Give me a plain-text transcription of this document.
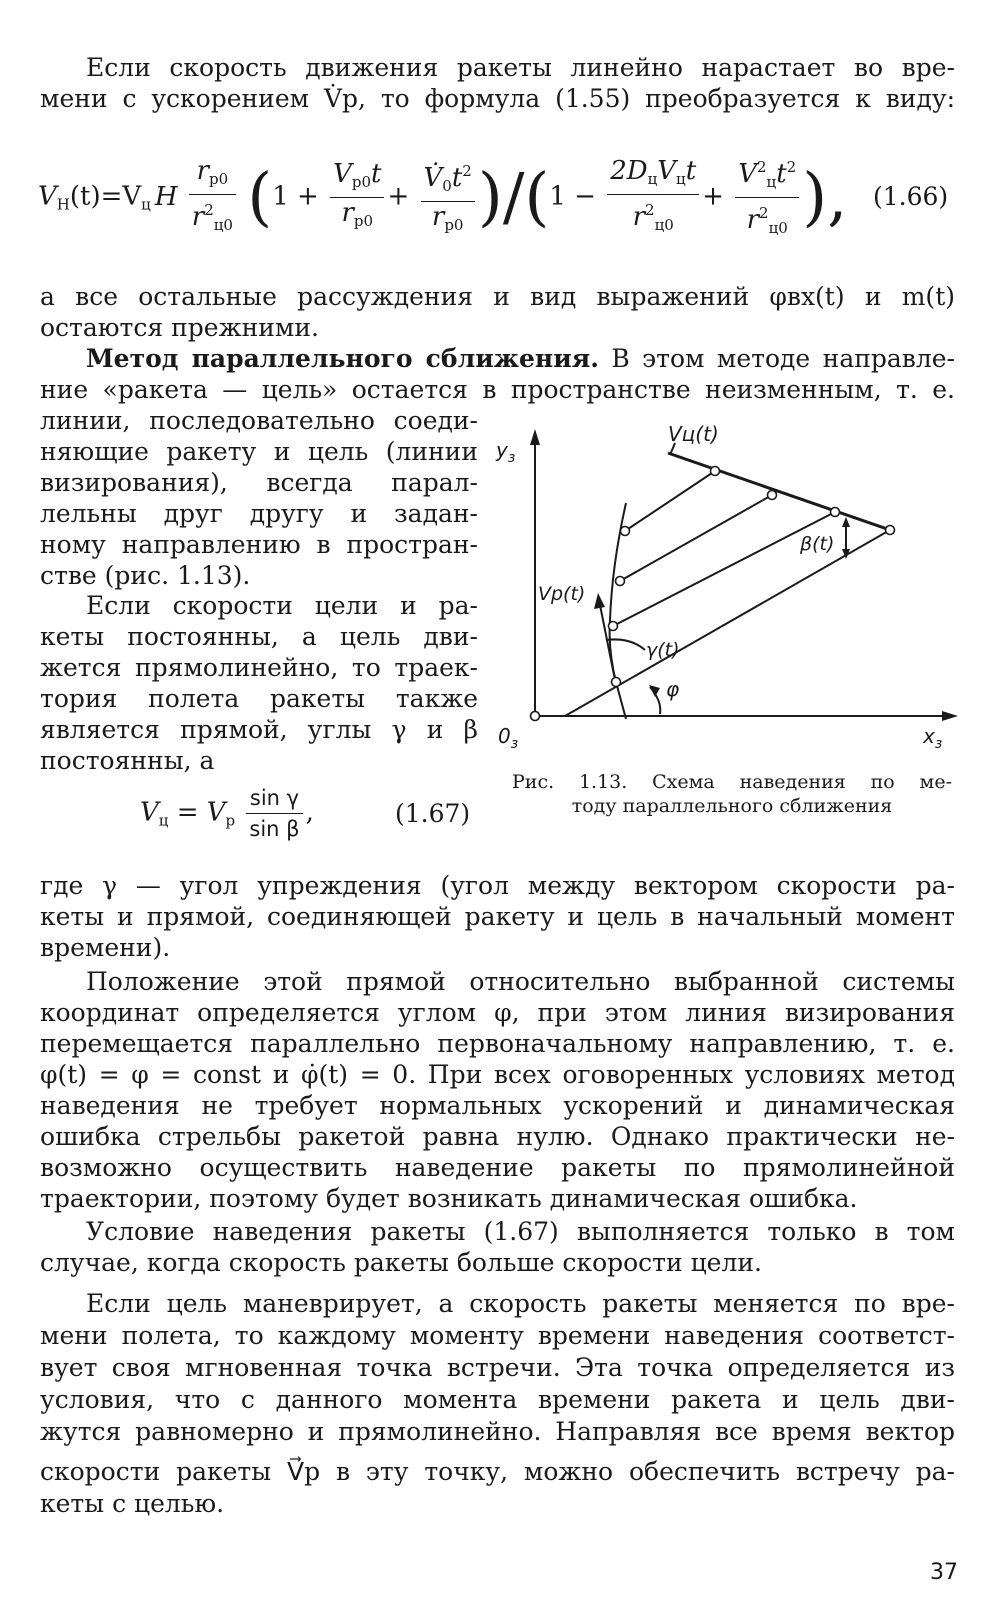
Если скорость движения ракеты линейно нарастает во вре-
мени с ускорением V̇р, то формула (1.55) преобразуется к виду:

$V_H(t)=V_ц$ H $\frac{r_{p0}}{r^2_{ц0}} (1 + \frac{V_{p0}t}{r_{p0}} + \frac{V̇_0t^2}{r_{p0}} )/(1 - \frac{2D_цV_цt}{r^2_{ц0}} + \frac{V^2_цt^2}{r^2_{ц0}}$ ), (1.66)

а все остальные рассуждения и вид выражений φвх(t) и m(t)
остаются прежними.

Метод параллельного сближения. В этом методе направле-
ние «ракета — цель» остается в пространстве неизменным, т. е.

линии, последовательно соеди-
няющие ракету и цель (линии
визирования), всегда парал-
лельны друг другу и задан-
ному направлению в простран-
стве (рис. 1.13).

Если скорости цели и ра-
кеты постоянны, а цель дви-
жется прямолинейно, то траек-
тория полета ракеты также
является прямой, углы γ и β
постоянны, а

$V_ц = V_р \frac{\text{sin γ}}{\text{sin β}}$ ,	(1.67)
$y_з$
$x_з$
$0_з$
Vц(t)
Vр(t)
β(t)
γ(t)
φ

Рис. 1.13. Схема наведения по ме-
тоду параллельного сближения

где γ — угол упреждения (угол между вектором скорости ра-
кеты и прямой, соединяющей ракету и цель в начальный момент
времени).

Положение этой прямой относительно выбранной системы
координат определяется углом φ, при этом линия визирования
перемещается параллельно первоначальному направлению, т. е.
φ(t) = φ = const и φ̇(t) = 0. При всех оговоренных условиях метод
наведения не требует нормальных ускорений и динамическая
ошибка стрельбы ракетой равна нулю. Однако практически не-
возможно осуществить наведение ракеты по прямолинейной
траектории, поэтому будет возникать динамическая ошибка.

Условие наведения ракеты (1.67) выполняется только в том
случае, когда скорость ракеты больше скорости цели.

Если цель маневрирует, а скорость ракеты меняется по вре-
мени полета, то каждому моменту времени наведения соответст-
вует своя мгновенная точка встречи. Эта точка определяется из
условия, что с данного момента времени ракета и цель дви-
жутся равномерно и прямолинейно. Направляя все время вектор
скорости ракеты V⃗р в эту точку, можно обеспечить встречу ра-
кеты с целью.

37
